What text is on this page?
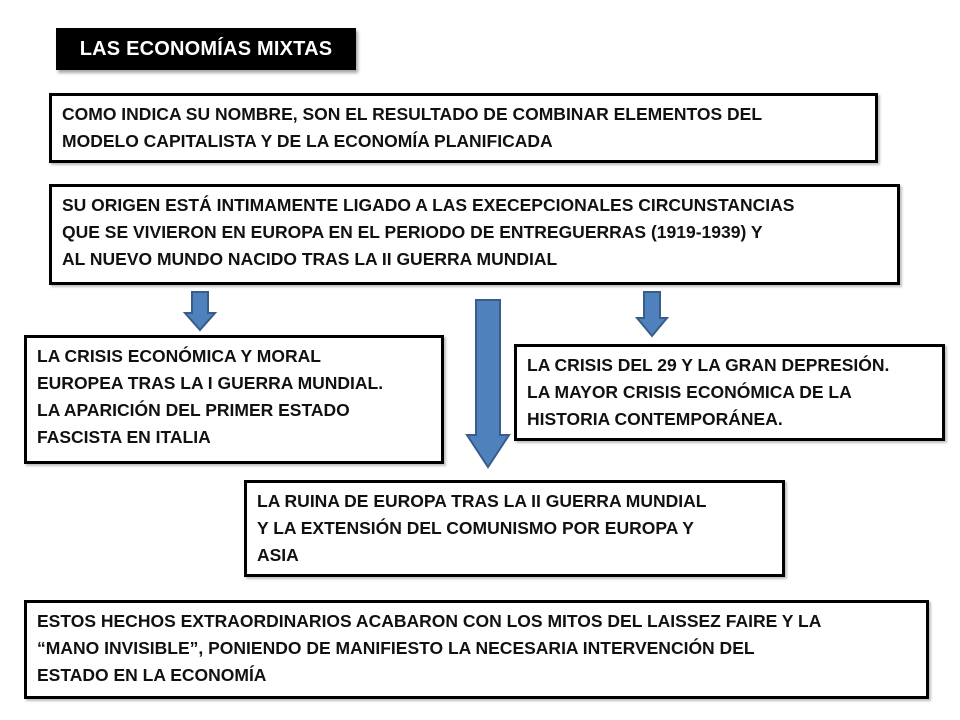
LAS ECONOMÍAS MIXTAS
COMO INDICA SU NOMBRE, SON EL RESULTADO DE COMBINAR ELEMENTOS DEL
MODELO CAPITALISTA Y DE LA ECONOMÍA PLANIFICADA
SU ORIGEN ESTÁ INTIMAMENTE LIGADO A LAS EXECEPCIONALES CIRCUNSTANCIAS
QUE SE VIVIERON EN EUROPA EN EL PERIODO DE ENTREGUERRAS (1919-1939) Y
AL NUEVO MUNDO NACIDO TRAS LA II GUERRA MUNDIAL
LA CRISIS ECONÓMICA Y MORAL
EUROPEA TRAS LA I GUERRA MUNDIAL.
LA APARICIÓN DEL PRIMER ESTADO
FASCISTA EN ITALIA
LA CRISIS DEL 29 Y LA GRAN DEPRESIÓN.
LA MAYOR CRISIS ECONÓMICA DE LA
HISTORIA CONTEMPORÁNEA.
LA RUINA DE EUROPA TRAS LA II GUERRA MUNDIAL
Y LA EXTENSIÓN DEL COMUNISMO POR EUROPA Y
ASIA
ESTOS HECHOS EXTRAORDINARIOS ACABARON CON LOS MITOS DEL LAISSEZ FAIRE Y LA
“MANO INVISIBLE”, PONIENDO DE MANIFIESTO LA NECESARIA INTERVENCIÓN DEL
ESTADO EN LA ECONOMÍA
